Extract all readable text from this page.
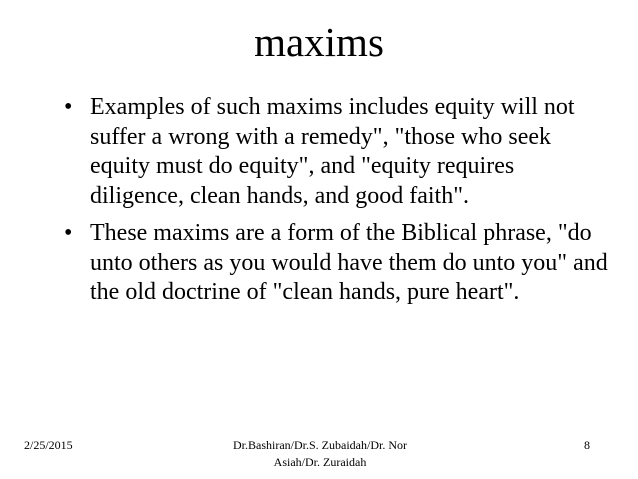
maxims
• Examples of such maxims includes equity will not suffer a wrong with a remedy", "those who seek equity must do equity", and "equity requires diligence, clean hands, and good faith".
• These maxims are a form of the Biblical phrase, "do unto others as you would have them do unto you" and the old doctrine of "clean hands, pure heart".
2/25/2015	Dr.Bashiran/Dr.S. Zubaidah/Dr. Nor Asiah/Dr. Zuraidah
8
